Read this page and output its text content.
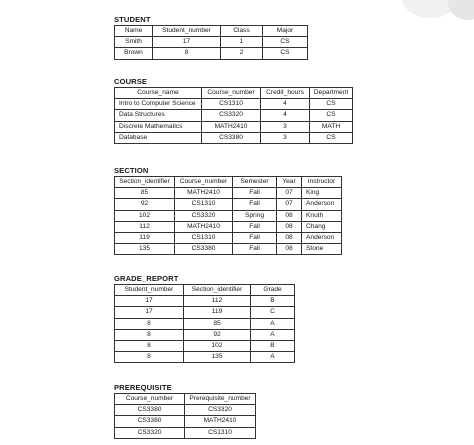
STUDENT
Name	Student_number	Class	Major
Smith	17	1	CS
Brown	8	2	CS
COURSE
Course_name	Course_number	Credit_hours	Department
Intro to Computer Science	CS1310	4	CS
Data Structures	CS3320	4	CS
Discrete Mathematics	MATH2410	3	MATH
Database	CS3380	3	CS
SECTION
Section_identifier	Course_number	Semester	Year	Instructor
85	MATH2410	Fall	07	King
92	CS1310	Fall	07	Anderson
102	CS3320	Spring	08	Knuth
112	MATH2410	Fall	08	Chang
119	CS1310	Fall	08	Anderson
135	CS3380	Fall	08	Stone
GRADE_REPORT
Student_number	Section_identifier	Grade
17	112	B
17	119	C
8	85	A
8	92	A
8	102	B
8	135	A
PREREQUISITE
Course_number	Prerequisite_number
CS3380	CS3320
CS3380	MATH2410
CS3320	CS1310
